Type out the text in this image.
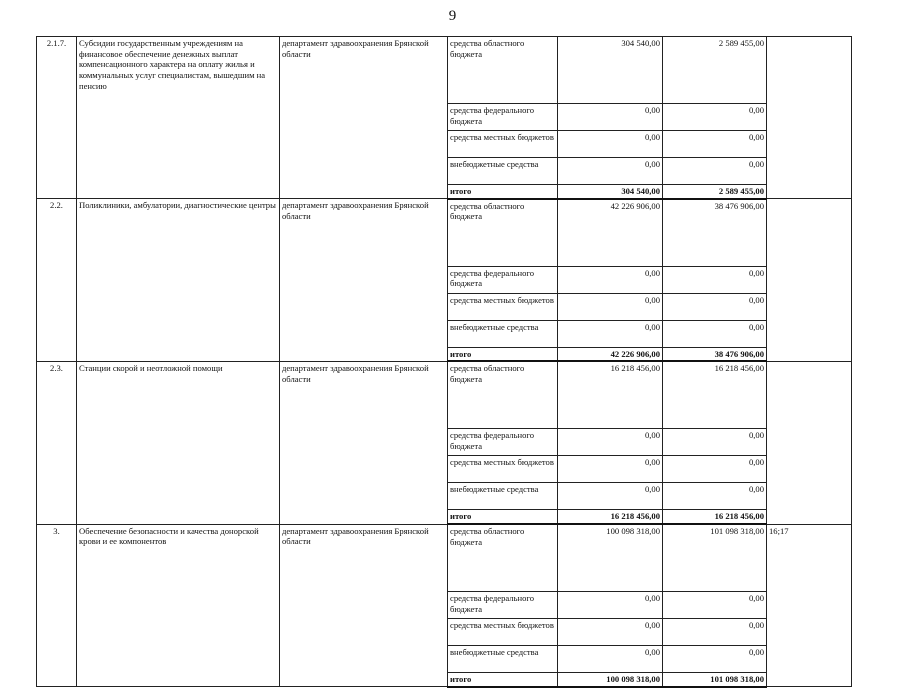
9
2.1.7.	Субсидии государственным учреждениям на финансовое обеспечение денежных выплат компенсационного характера на оплату жилья и коммунальных услуг специалистам, вышедшим на пенсию	департамент здравоохранения Брянской области	средства областного бюджета	304 540,00	2 589 455,00	
			средства федерального бюджета	0,00	0,00	
			средства местных бюджетов	0,00	0,00	
			внебюджетные средства	0,00	0,00	
			итого	304 540,00	2 589 455,00	
2.2.	Поликлиники, амбулатории, диагностические центры	департамент здравоохранения Брянской области	средства областного бюджета	42 226 906,00	38 476 906,00	
			средства федерального бюджета	0,00	0,00	
			средства местных бюджетов	0,00	0,00	
			внебюджетные средства	0,00	0,00	
			итого	42 226 906,00	38 476 906,00	
2.3.	Станции скорой и неотложной помощи	департамент здравоохранения Брянской области	средства областного бюджета	16 218 456,00	16 218 456,00	
			средства федерального бюджета	0,00	0,00	
			средства местных бюджетов	0,00	0,00	
			внебюджетные средства	0,00	0,00	
			итого	16 218 456,00	16 218 456,00	
3.	Обеспечение безопасности и качества донорской крови и ее компонентов	департамент здравоохранения Брянской области	средства областного бюджета	100 098 318,00	101 098 318,00	16;17
			средства федерального бюджета	0,00	0,00	
			средства местных бюджетов	0,00	0,00	
			внебюджетные средства	0,00	0,00	
			итого	100 098 318,00	101 098 318,00	
